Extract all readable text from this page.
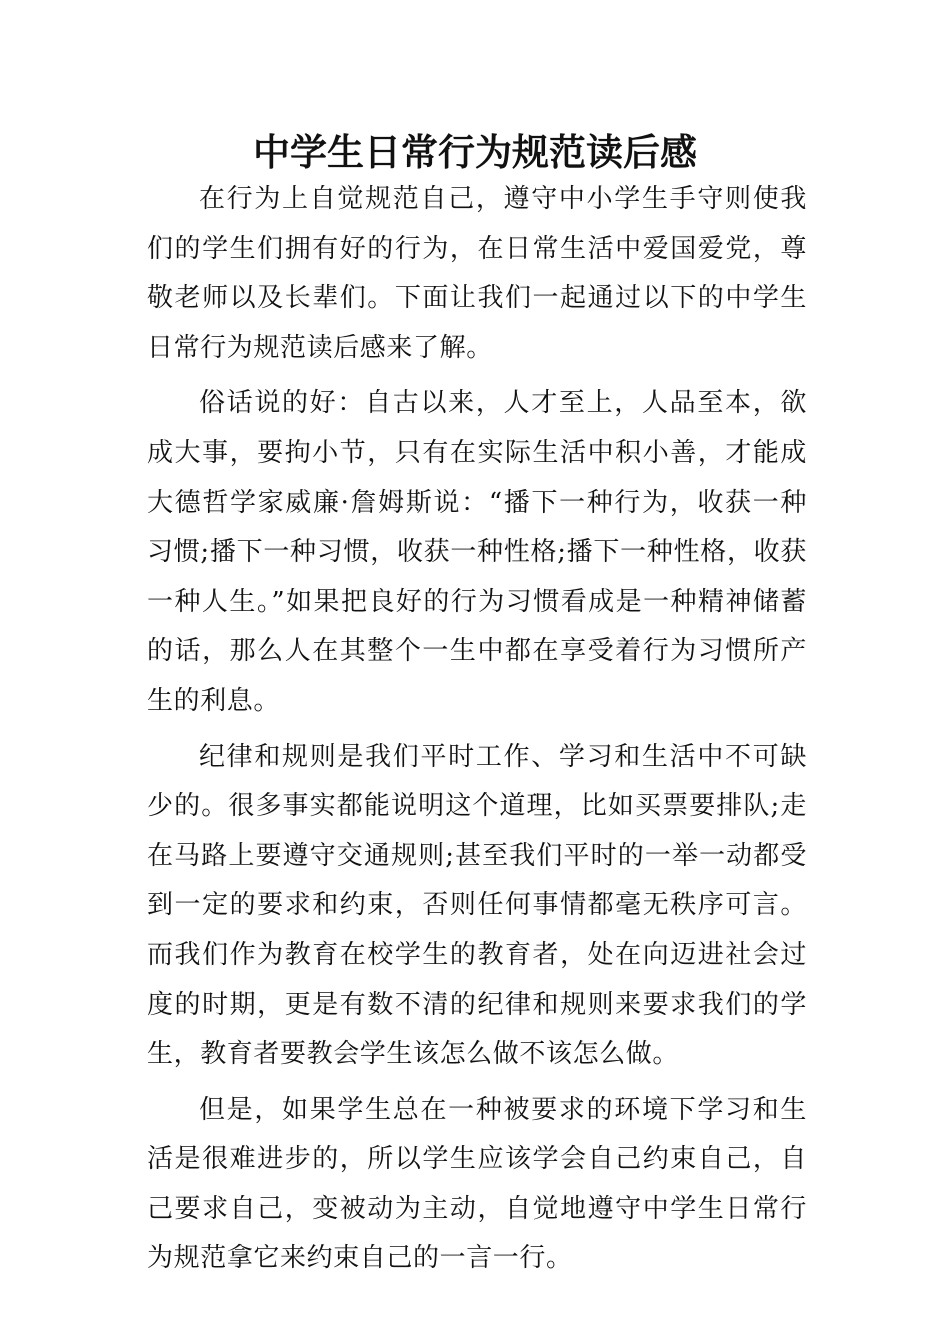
中学生日常行为规范读后感

在行为上自觉规范自己，遵守中小学生手守则使我们的学生们拥有好的行为，在日常生活中爱国爱党，尊敬老师以及长辈们。下面让我们一起通过以下的中学生日常行为规范读后感来了解。

俗话说的好：自古以来，人才至上，人品至本，欲成大事，要拘小节，只有在实际生活中积小善，才能成大德哲学家威廉·詹姆斯说：“播下一种行为，收获一种习惯;播下一种习惯，收获一种性格;播下一种性格，收获一种人生。”如果把良好的行为习惯看成是一种精神储蓄的话，那么人在其整个一生中都在享受着行为习惯所产生的利息。

纪律和规则是我们平时工作、学习和生活中不可缺少的。很多事实都能说明这个道理，比如买票要排队;走在马路上要遵守交通规则;甚至我们平时的一举一动都受到一定的要求和约束，否则任何事情都毫无秩序可言。而我们作为教育在校学生的教育者，处在向迈进社会过度的时期，更是有数不清的纪律和规则来要求我们的学生，教育者要教会学生该怎么做不该怎么做。

但是，如果学生总在一种被要求的环境下学习和生活是很难进步的，所以学生应该学会自己约束自己，自己要求自己，变被动为主动，自觉地遵守中学生日常行为规范拿它来约束自己的一言一行。
